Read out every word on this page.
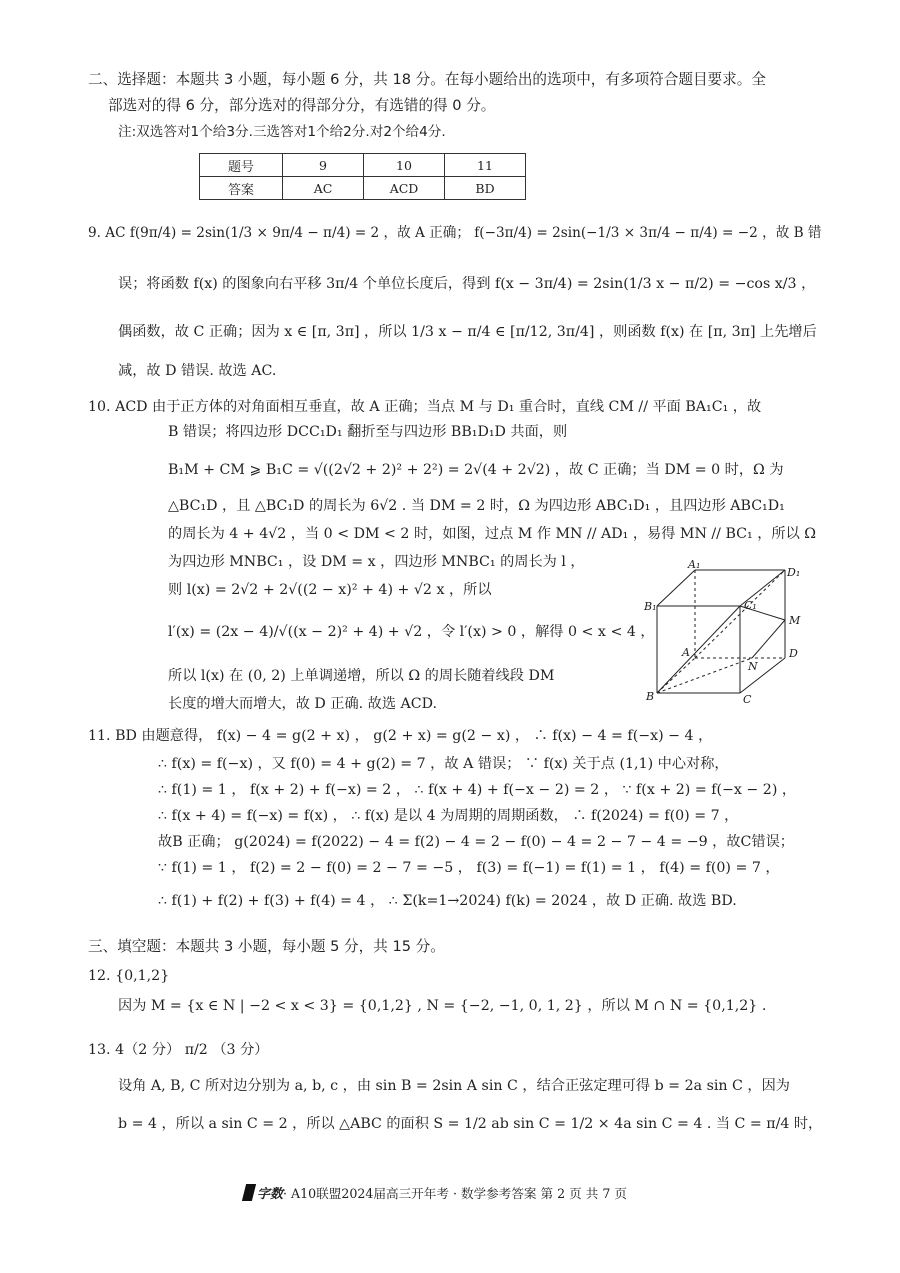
二、选择题：本题共 3 小题，每小题 6 分，共 18 分。在每小题给出的选项中，有多项符合题目要求。全
部选对的得 6 分，部分选对的得部分分，有选错的得 0 分。
注:双选答对1个给3分.三选答对1个给2分.对2个给4分.
题号	9	10	11
答案	AC	ACD	BD
9. AC f(9π/4) = 2sin(1/3 × 9π/4 − π/4) = 2 ，故 A 正确； f(−3π/4) = 2sin(−1/3 × 3π/4 − π/4) = −2 ，故 B 错
误；将函数 f(x) 的图象向右平移 3π/4 个单位长度后，得到 f(x − 3π/4) = 2sin(1/3 x − π/2) = −cos x/3 ，
偶函数，故 C 正确；因为 x ∈ [π, 3π] ，所以 1/3 x − π/4 ∈ [π/12, 3π/4] ，则函数 f(x) 在 [π, 3π] 上先增后
减，故 D 错误. 故选 AC.
10. ACD 由于正方体的对角面相互垂直，故 A 正确；当点 M 与 D₁ 重合时，直线 CM // 平面 BA₁C₁ ，故
B 错误；将四边形 DCC₁D₁ 翻折至与四边形 BB₁D₁D 共面，则
B₁M + CM ⩾ B₁C = √((2√2 + 2)² + 2²) = 2√(4 + 2√2) ，故 C 正确；当 DM = 0 时，Ω 为
△BC₁D ，且 △BC₁D 的周长为 6√2 . 当 DM = 2 时，Ω 为四边形 ABC₁D₁ ，且四边形 ABC₁D₁
的周长为 4 + 4√2 ，当 0 < DM < 2 时，如图，过点 M 作 MN // AD₁ ，易得 MN // BC₁ ，所以 Ω
为四边形 MNBC₁ ，设 DM = x ，四边形 MNBC₁ 的周长为 l ，
则 l(x) = 2√2 + 2√((2 − x)² + 4) + √2 x ，所以
l′(x) = (2x − 4)/√((x − 2)² + 4) + √2 ，令 l′(x) > 0 ，解得 0 < x < 4 ，
所以 l(x) 在 (0, 2) 上单调递增，所以 Ω 的周长随着线段 DM
长度的增大而增大，故 D 正确. 故选 ACD.
A₁
D₁
B₁	C₁
M
A
N
D
B	C
11. BD 由题意得， f(x) − 4 = g(2 + x) ， g(2 + x) = g(2 − x) ， ∴ f(x) − 4 = f(−x) − 4 ，
∴ f(x) = f(−x) ，又 f(0) = 4 + g(2) = 7 ，故 A 错误； ∵ f(x) 关于点 (1,1) 中心对称，
∴ f(1) = 1 ， f(x + 2) + f(−x) = 2 ， ∴ f(x + 4) + f(−x − 2) = 2 ， ∵ f(x + 2) = f(−x − 2) ，
∴ f(x + 4) = f(−x) = f(x) ， ∴ f(x) 是以 4 为周期的周期函数， ∴ f(2024) = f(0) = 7 ，
故B 正确； g(2024) = f(2022) − 4 = f(2) − 4 = 2 − f(0) − 4 = 2 − 7 − 4 = −9 ，故C错误；
∵ f(1) = 1 ， f(2) = 2 − f(0) = 2 − 7 = −5 ， f(3) = f(−1) = f(1) = 1 ， f(4) = f(0) = 7 ，
∴ f(1) + f(2) + f(3) + f(4) = 4 ， ∴ Σ(k=1→2024) f(k) = 2024 ，故 D 正确. 故选 BD.
三、填空题：本题共 3 小题，每小题 5 分，共 15 分。
12. {0,1,2}
因为 M = {x ∈ N | −2 < x < 3} = {0,1,2} , N = {−2, −1, 0, 1, 2} ，所以 M ∩ N = {0,1,2} .
13. 4（2 分） π/2 （3 分）
设角 A, B, C 所对边分别为 a, b, c ，由 sin B = 2sin A sin C ，结合正弦定理可得 b = 2a sin C ，因为
b = 4 ，所以 a sin C = 2 ，所以 △ABC 的面积 S = 1/2 ab sin C = 1/2 × 4a sin C = 4 . 当 C = π/4 时，
字数· A10联盟2024届高三开年考 · 数学参考答案 第 2 页 共 7 页
